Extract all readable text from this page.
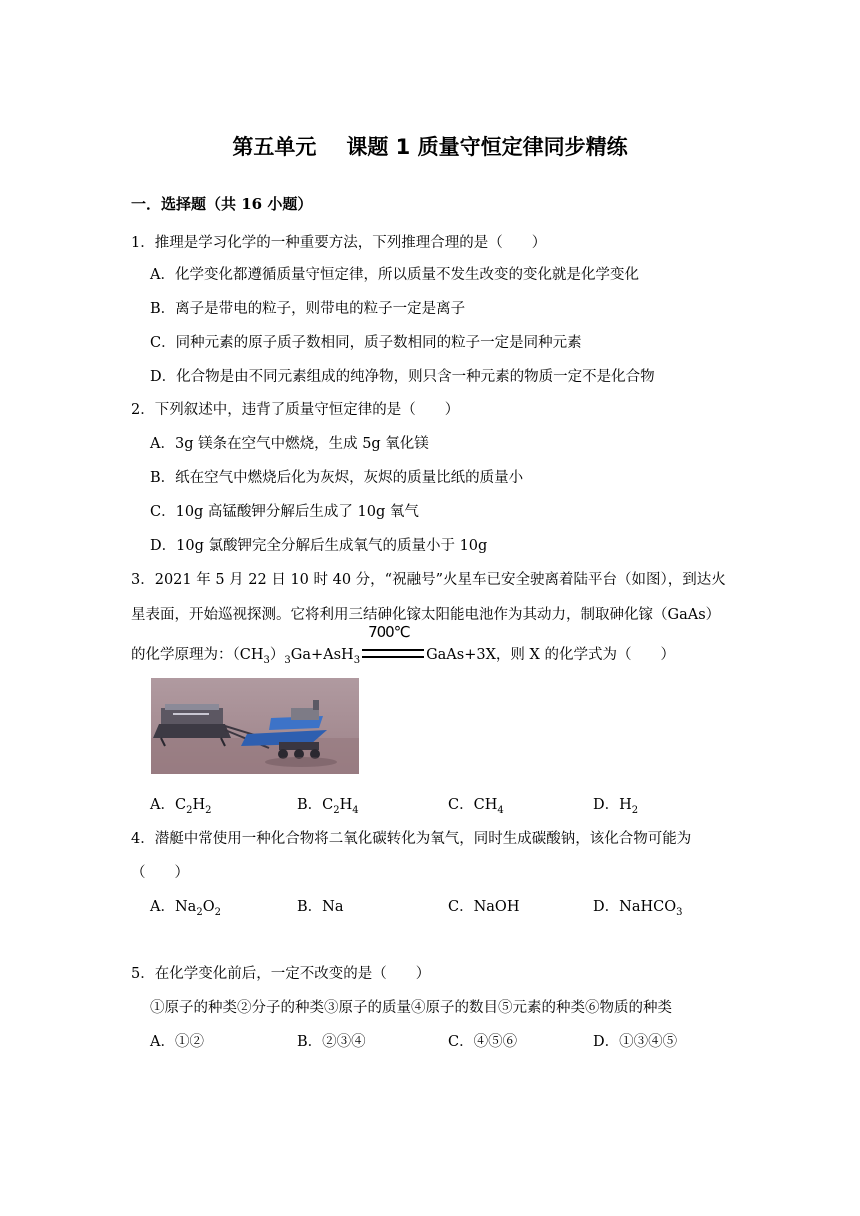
第五单元 课题 1 质量守恒定律同步精练
一．选择题（共 16 小题）
1．推理是学习化学的一种重要方法，下列推理合理的是（　　）
A．化学变化都遵循质量守恒定律，所以质量不发生改变的变化就是化学变化
B．离子是带电的粒子，则带电的粒子一定是离子
C．同种元素的原子质子数相同，质子数相同的粒子一定是同种元素
D．化合物是由不同元素组成的纯净物，则只含一种元素的物质一定不是化合物
2．下列叙述中，违背了质量守恒定律的是（　　）
A．3g 镁条在空气中燃烧，生成 5g 氧化镁
B．纸在空气中燃烧后化为灰烬，灰烬的质量比纸的质量小
C．10g 高锰酸钾分解后生成了 10g 氧气
D．10g 氯酸钾完全分解后生成氧气的质量小于 10g
3．2021 年 5 月 22 日 10 时 40 分，“祝融号”火星车已安全驶离着陆平台（如图），到达火
星表面，开始巡视探测。它将利用三结砷化镓太阳能电池作为其动力，制取砷化镓（GaAs）
的化学原理为：$(CH_3)_3Ga+AsH_3$
700℃
GaAs+3X，则 X 的化学式为（　　）
A．$C_2H_2$	B．$C_2H_4$	C．$CH_4$	D．$H_2$
4．潜艇中常使用一种化合物将二氧化碳转化为氧气，同时生成碳酸钠，该化合物可能为
（　　）
A．$Na_2O_2$	B．Na	C．NaOH	D．NaHCO$_3$
5．在化学变化前后，一定不改变的是（　　）
①原子的种类②分子的种类③原子的质量④原子的数目⑤元素的种类⑥物质的种类
A．①②	B．②③④	C．④⑤⑥	D．①③④⑤
